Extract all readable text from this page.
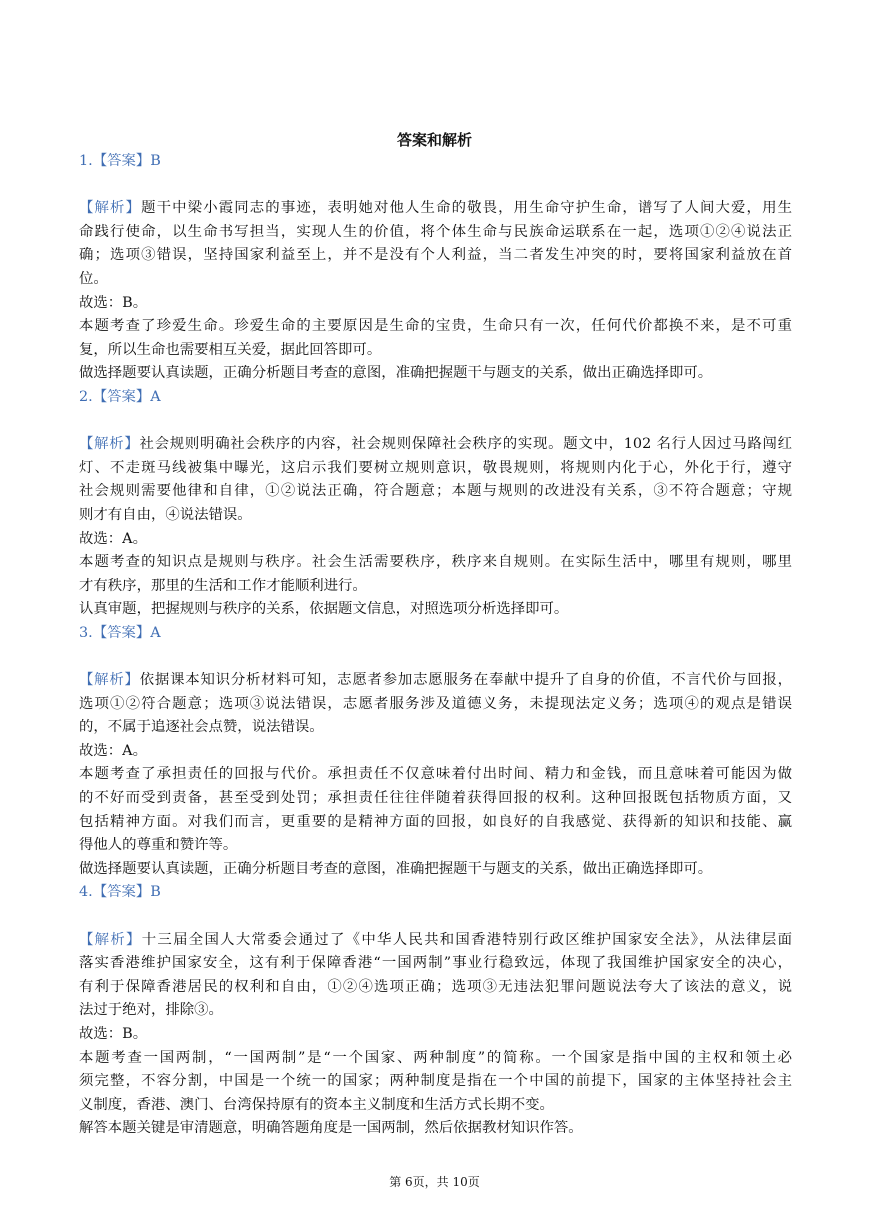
答案和解析
1.【答案】B
【解析】题干中梁小霞同志的事迹，表明她对他人生命的敬畏，用生命守护生命，谱写了人间大爱，用生
命践行使命，以生命书写担当，实现人生的价值，将个体生命与民族命运联系在一起，选项①②④说法正
确；选项③错误，坚持国家利益至上，并不是没有个人利益，当二者发生冲突的时，要将国家利益放在首
位。
故选：B。
本题考查了珍爱生命。珍爱生命的主要原因是生命的宝贵，生命只有一次，任何代价都换不来，是不可重
复，所以生命也需要相互关爱，据此回答即可。
做选择题要认真读题，正确分析题目考查的意图，准确把握题干与题支的关系，做出正确选择即可。
2.【答案】A
【解析】社会规则明确社会秩序的内容，社会规则保障社会秩序的实现。题文中，102 名行人因过马路闯红
灯、不走斑马线被集中曝光，这启示我们要树立规则意识，敬畏规则，将规则内化于心，外化于行，遵守
社会规则需要他律和自律，①②说法正确，符合题意；本题与规则的改进没有关系，③不符合题意；守规
则才有自由，④说法错误。
故选：A。
本题考查的知识点是规则与秩序。社会生活需要秩序，秩序来自规则。在实际生活中，哪里有规则，哪里
才有秩序，那里的生活和工作才能顺利进行。
认真审题，把握规则与秩序的关系，依据题文信息，对照选项分析选择即可。
3.【答案】A
【解析】依据课本知识分析材料可知，志愿者参加志愿服务在奉献中提升了自身的价值，不言代价与回报，
选项①②符合题意；选项③说法错误，志愿者服务涉及道德义务，未提现法定义务；选项④的观点是错误
的，不属于追逐社会点赞，说法错误。
故选：A。
本题考查了承担责任的回报与代价。承担责任不仅意味着付出时间、精力和金钱，而且意味着可能因为做
的不好而受到责备，甚至受到处罚；承担责任往往伴随着获得回报的权利。这种回报既包括物质方面，又
包括精神方面。对我们而言，更重要的是精神方面的回报，如良好的自我感觉、获得新的知识和技能、赢
得他人的尊重和赞许等。
做选择题要认真读题，正确分析题目考查的意图，准确把握题干与题支的关系，做出正确选择即可。
4.【答案】B
【解析】十三届全国人大常委会通过了《中华人民共和国香港特别行政区维护国家安全法》，从法律层面
落实香港维护国家安全，这有利于保障香港“一国两制”事业行稳致远，体现了我国维护国家安全的决心，
有利于保障香港居民的权利和自由，①②④选项正确；选项③无违法犯罪问题说法夸大了该法的意义，说
法过于绝对，排除③。
故选：B。
本题考查一国两制，“一国两制”是“一个国家、两种制度”的简称。一个国家是指中国的主权和领土必
须完整，不容分割，中国是一个统一的国家；两种制度是指在一个中国的前提下，国家的主体坚持社会主
义制度，香港、澳门、台湾保持原有的资本主义制度和生活方式长期不变。
解答本题关键是审清题意，明确答题角度是一国两制，然后依据教材知识作答。
第 6页，共 10页
